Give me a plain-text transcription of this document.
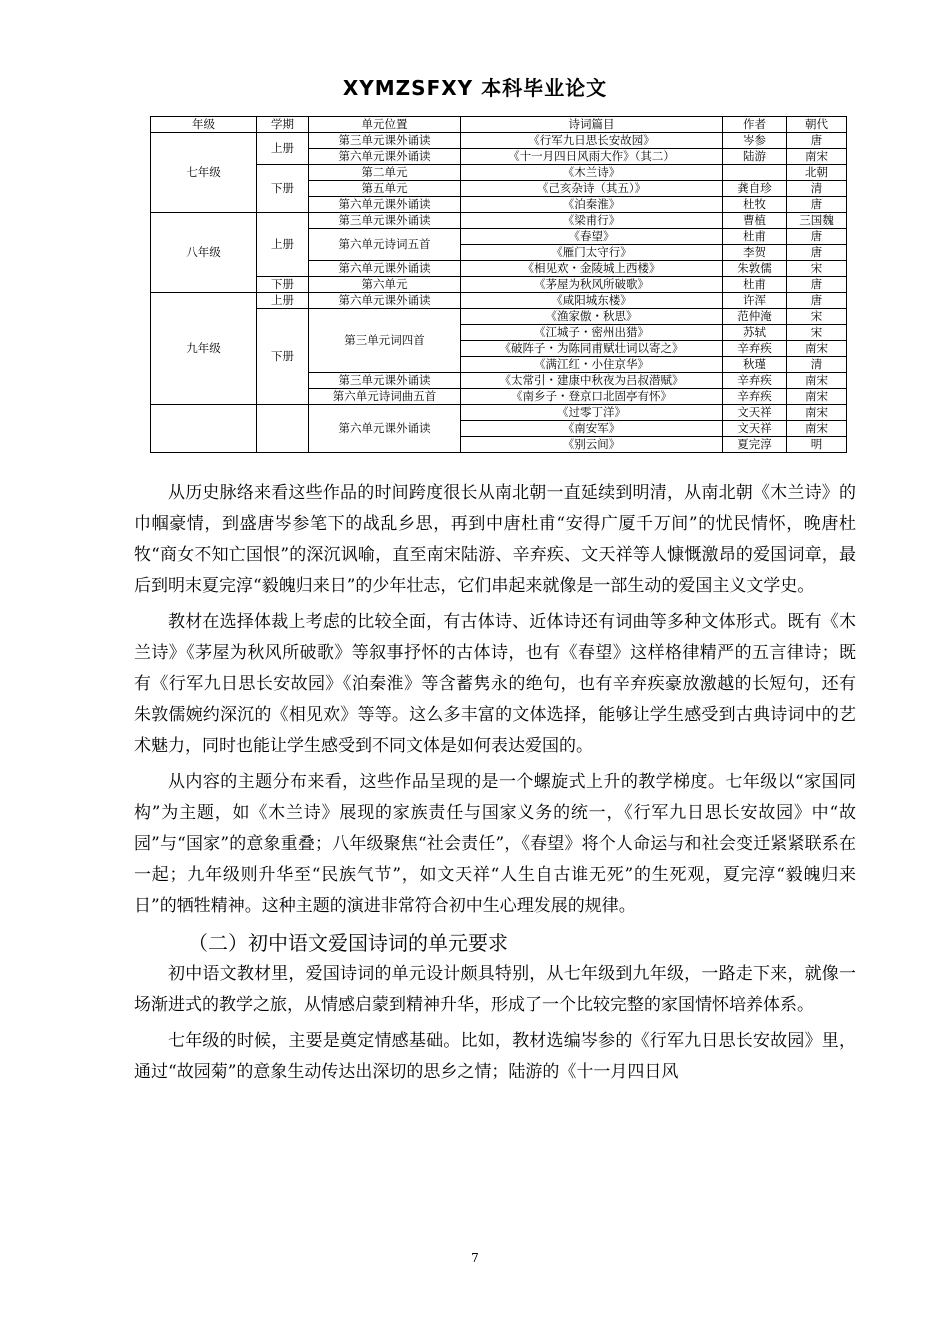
XYMZSFXY 本科毕业论文
年级	学期	单元位置	诗词篇目	作者	朝代
七年级	上册	第三单元课外诵读	《行军九日思长安故园》	岑参	唐
		第六单元课外诵读	《十一月四日风雨大作》（其二）	陆游	南宋
	下册	第二单元	《木兰诗》		北朝
		第五单元	《己亥杂诗（其五）》	龚自珍	清
		第六单元课外诵读	《泊秦淮》	杜牧	唐
八年级	上册	第三单元课外诵读	《梁甫行》	曹植	三国魏
		第六单元诗词五首	《春望》	杜甫	唐
			《雁门太守行》	李贺	唐
		第六单元课外诵读	《相见欢・金陵城上西楼》	朱敦儒	宋
	下册	第六单元	《茅屋为秋风所破歌》	杜甫	唐
九年级	上册	第六单元课外诵读	《咸阳城东楼》	许浑	唐
	下册	第三单元词四首	《渔家傲・秋思》	范仲淹	宋
			《江城子・密州出猎》	苏轼	宋
			《破阵子・为陈同甫赋壮词以寄之》	辛弃疾	南宋
			《满江红・小住京华》	秋瑾	清
		第三单元课外诵读	《太常引・建康中秋夜为吕叔潜赋》	辛弃疾	南宋
		第六单元诗词曲五首	《南乡子・登京口北固亭有怀》	辛弃疾	南宋
		第六单元课外诵读	《过零丁洋》	文天祥	南宋
			《南安军》	文天祥	南宋
			《别云间》	夏完淳	明

从历史脉络来看这些作品的时间跨度很长从南北朝一直延续到明清，从南北朝《木兰诗》的巾帼豪情，到盛唐岑参笔下的战乱乡思，再到中唐杜甫“安得广厦千万间”的忧民情怀，晚唐杜牧“商女不知亡国恨”的深沉讽喻，直至南宋陆游、辛弃疾、文天祥等人慷慨激昂的爱国词章，最后到明末夏完淳“毅魄归来日”的少年壮志，它们串起来就像是一部生动的爱国主义文学史。

教材在选择体裁上考虑的比较全面，有古体诗、近体诗还有词曲等多种文体形式。既有《木兰诗》《茅屋为秋风所破歌》等叙事抒怀的古体诗，也有《春望》这样格律精严的五言律诗；既有《行军九日思长安故园》《泊秦淮》等含蓄隽永的绝句，也有辛弃疾豪放激越的长短句，还有朱敦儒婉约深沉的《相见欢》等等。这么多丰富的文体选择，能够让学生感受到古典诗词中的艺术魅力，同时也能让学生感受到不同文体是如何表达爱国的。

从内容的主题分布来看，这些作品呈现的是一个螺旋式上升的教学梯度。七年级以“家国同构”为主题，如《木兰诗》展现的家族责任与国家义务的统一，《行军九日思长安故园》中“故园”与“国家”的意象重叠；八年级聚焦“社会责任”，《春望》将个人命运与和社会变迁紧紧联系在一起；九年级则升华至“民族气节”，如文天祥“人生自古谁无死”的生死观，夏完淳“毅魄归来日”的牺牲精神。这种主题的演进非常符合初中生心理发展的规律。

（二）初中语文爱国诗词的单元要求

初中语文教材里，爱国诗词的单元设计颇具特别，从七年级到九年级，一路走下来，就像一场渐进式的教学之旅，从情感启蒙到精神升华，形成了一个比较完整的家国情怀培养体系。

七年级的时候，主要是奠定情感基础。比如，教材选编岑参的《行军九日思长安故园》里，通过“故园菊”的意象生动传达出深切的思乡之情；陆游的《十一月四日风

7
